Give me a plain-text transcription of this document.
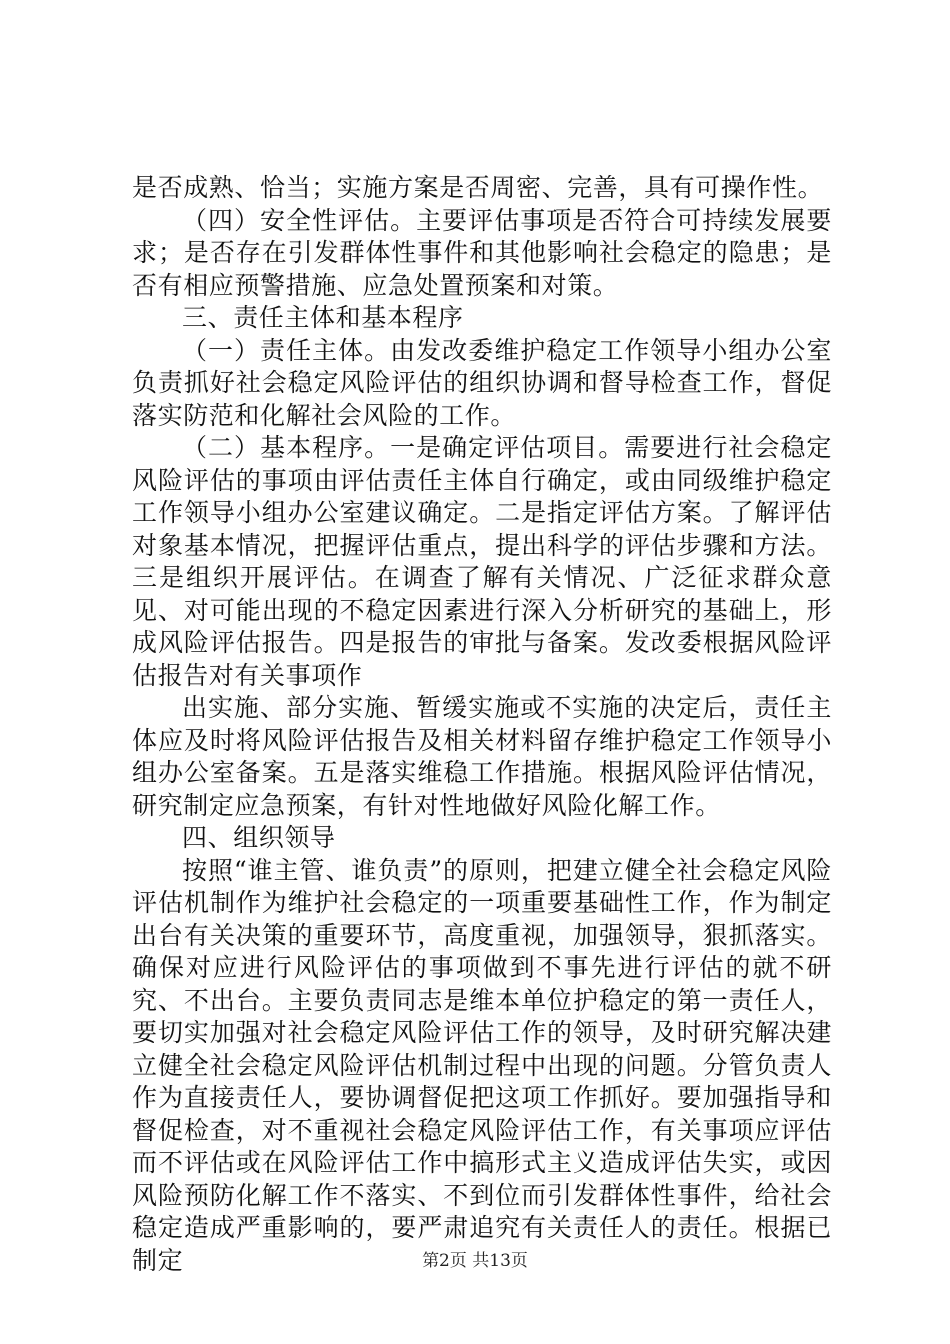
是否成熟、恰当；实施方案是否周密、完善，具有可操作性。

（四）安全性评估。主要评估事项是否符合可持续发展要求；是否存在引发群体性事件和其他影响社会稳定的隐患；是否有相应预警措施、应急处置预案和对策。

三、责任主体和基本程序

（一）责任主体。由发改委维护稳定工作领导小组办公室负责抓好社会稳定风险评估的组织协调和督导检查工作，督促落实防范和化解社会风险的工作。

（二）基本程序。一是确定评估项目。需要进行社会稳定风险评估的事项由评估责任主体自行确定，或由同级维护稳定工作领导小组办公室建议确定。二是指定评估方案。了解评估对象基本情况，把握评估重点，提出科学的评估步骤和方法。三是组织开展评估。在调查了解有关情况、广泛征求群众意见、对可能出现的不稳定因素进行深入分析研究的基础上，形成风险评估报告。四是报告的审批与备案。发改委根据风险评估报告对有关事项作

出实施、部分实施、暂缓实施或不实施的决定后，责任主体应及时将风险评估报告及相关材料留存维护稳定工作领导小组办公室备案。五是落实维稳工作措施。根据风险评估情况，研究制定应急预案，有针对性地做好风险化解工作。

四、组织领导

按照“谁主管、谁负责”的原则，把建立健全社会稳定风险评估机制作为维护社会稳定的一项重要基础性工作，作为制定出台有关决策的重要环节，高度重视，加强领导，狠抓落实。确保对应进行风险评估的事项做到不事先进行评估的就不研究、不出台。主要负责同志是维本单位护稳定的第一责任人，要切实加强对社会稳定风险评估工作的领导，及时研究解决建立健全社会稳定风险评估机制过程中出现的问题。分管负责人作为直接责任人，要协调督促把这项工作抓好。要加强指导和督促检查，对不重视社会稳定风险评估工作，有关事项应评估而不评估或在风险评估工作中搞形式主义造成评估失实，或因风险预防化解工作不落实、不到位而引发群体性事件，给社会稳定造成严重影响的，要严肃追究有关责任人的责任。根据已制定	第2页 共13页
